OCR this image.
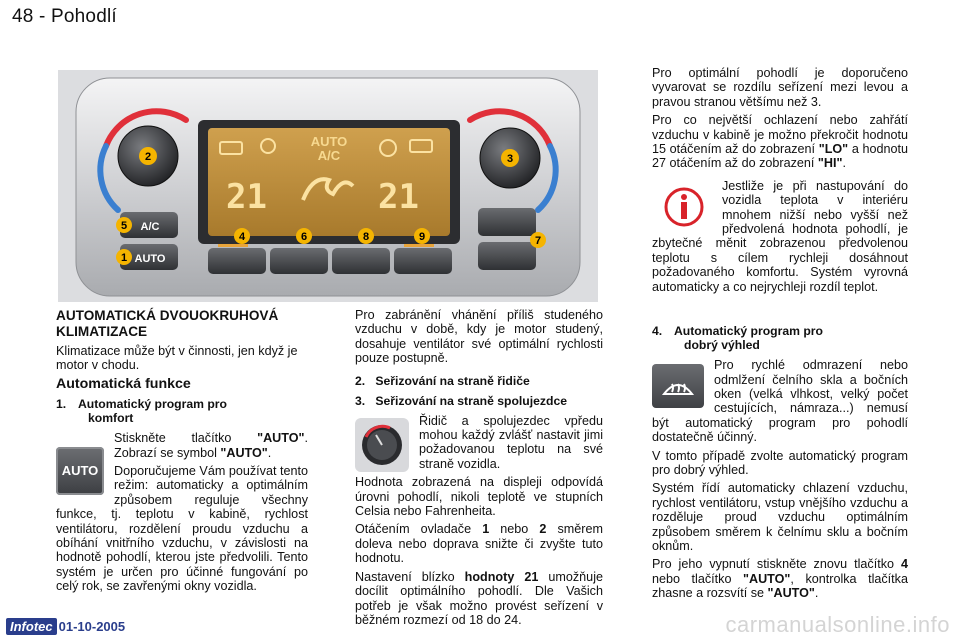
48 - Pohodlí
AUTO
A/C
21	21
A/C
AUTO
2	3
5
1
4	6	8	9	7
AUTOMATICKÁ DVOUOKRUHOVÁ KLIMATIZACE

Klimatizace může být v činnosti, jen když je motor v chodu.

Automatická funkce
1. Automatický program pro
komfort
AUTO

Stiskněte tlačítko "AUTO". Zobrazí se symbol "AUTO".

Doporučujeme Vám používat tento režim: automaticky a optimálním způsobem reguluje všechny funkce, tj. teplotu v kabině, rychlost ventilátoru, rozdělení proudu vzduchu a obíhání vnitřního vzduchu, v závislosti na hodnotě pohodlí, kterou jste předvolili. Tento systém je určen pro účinné fungování po celý rok, se zavřenými okny vozidla.

Pro zabránění vhánění příliš studeného vzduchu v době, kdy je motor studený, dosahuje ventilátor své optimální rychlosti pouze postupně.

2.   Seřizování na straně řidiče
3.   Seřizování na straně spolujezdce

Řidič a spolujezdec vpředu mohou každý zvlášť nastavit jimi požadovanou teplotu na své straně vozidla.

Hodnota zobrazená na displeji odpovídá úrovni pohodlí, nikoli teplotě ve stupních Celsia nebo Fahrenheita.

Otáčením ovladače 1 nebo 2 směrem doleva nebo doprava snižte či zvyšte tuto hodnotu.

Nastavení blízko hodnoty 21 umožňuje docílit optimálního pohodlí. Dle Vašich potřeb je však možno provést seřízení v běžném rozmezí od 18 do 24.

Pro optimální pohodlí je doporučeno vyvarovat se rozdílu seřízení mezi levou a pravou stranou většímu než 3.

Pro co největší ochlazení nebo zahřátí vzduchu v kabině je možno překročit hodnotu 15 otáčením až do zobrazení "LO" a hodnotu 27 otáčením až do zobrazení "HI".

Jestliže je při nastupování do vozidla teplota v interiéru mnohem nižší nebo vyšší než předvolená hodnota pohodlí, je zbytečné měnit zobrazenou předvolenou teplotu s cílem rychleji dosáhnout požadovaného komfortu. Systém vyrovná automaticky a co nejrychleji rozdíl teplot.

4. Automatický program pro
dobrý výhled

Pro rychlé odmrazení nebo odmlžení čelního skla a bočních oken (velká vlhkost, velký počet cestujících, námraza...) nemusí být automatický program pro pohodlí dostatečně účinný.

V tomto případě zvolte automatický program pro dobrý výhled.

Systém řídí automaticky chlazení vzduchu, rychlost ventilátoru, vstup vnějšího vzduchu a rozděluje proud vzduchu optimálním způsobem směrem k čelnímu sklu a bočním oknům.

Pro jeho vypnutí stiskněte znovu tlačítko 4 nebo tlačítko "AUTO", kontrolka tlačítka zhasne a rozsvítí se "AUTO".

Infotec 01-10-2005	carmanualsonline.info
